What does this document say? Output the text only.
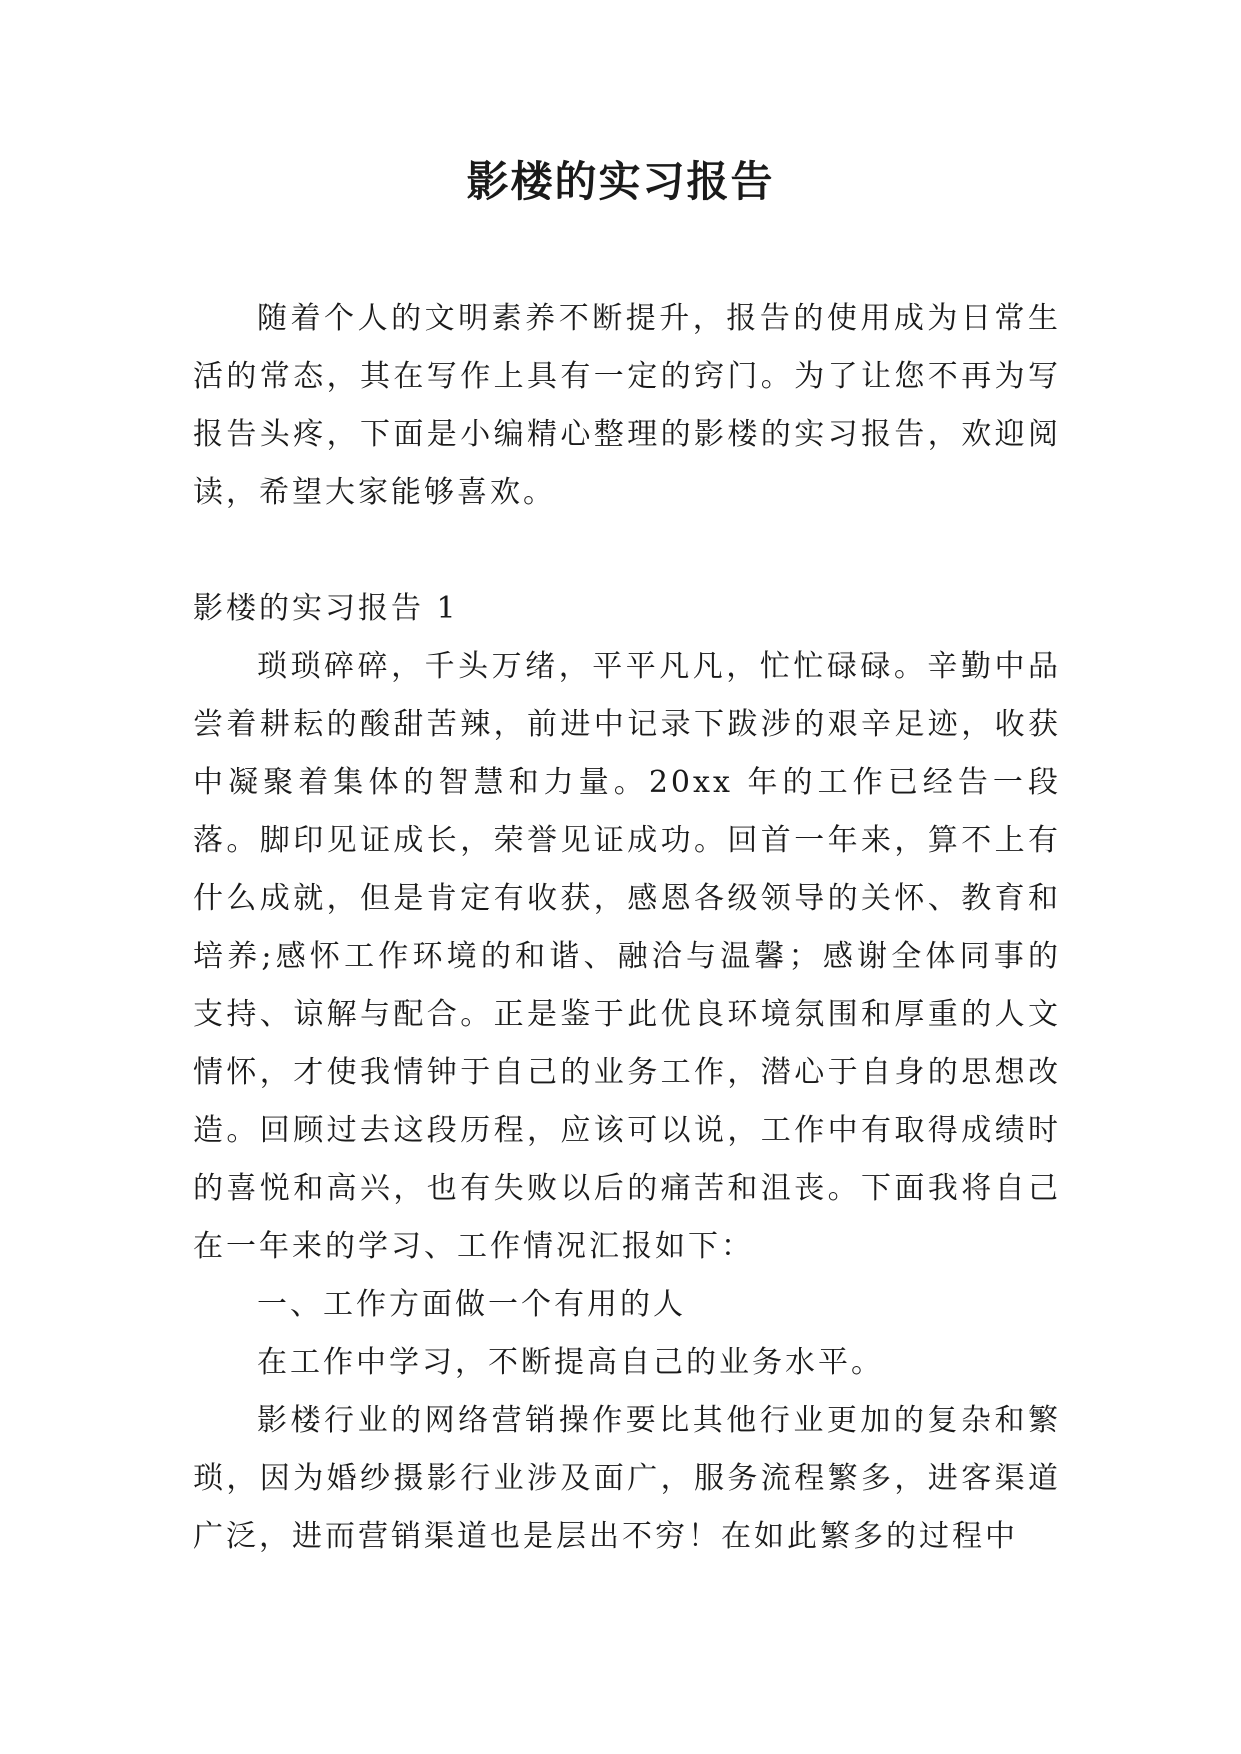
影楼的实习报告

随着个人的文明素养不断提升，报告的使用成为日常生活的常态，其在写作上具有一定的窍门。为了让您不再为写报告头疼，下面是小编精心整理的影楼的实习报告，欢迎阅读，希望大家能够喜欢。

影楼的实习报告 1

琐琐碎碎，千头万绪，平平凡凡，忙忙碌碌。辛勤中品尝着耕耘的酸甜苦辣，前进中记录下跋涉的艰辛足迹，收获中凝聚着集体的智慧和力量。20xx 年的工作已经告一段落。脚印见证成长，荣誉见证成功。回首一年来，算不上有什么成就，但是肯定有收获，感恩各级领导的关怀、教育和培养;感怀工作环境的和谐、融洽与温馨；感谢全体同事的支持、谅解与配合。正是鉴于此优良环境氛围和厚重的人文情怀，才使我情钟于自己的业务工作，潜心于自身的思想改造。回顾过去这段历程，应该可以说，工作中有取得成绩时的喜悦和高兴，也有失败以后的痛苦和沮丧。下面我将自己在一年来的学习、工作情况汇报如下：

一、工作方面做一个有用的人

在工作中学习，不断提高自己的业务水平。

影楼行业的网络营销操作要比其他行业更加的复杂和繁琐，因为婚纱摄影行业涉及面广，服务流程繁多，进客渠道广泛，进而营销渠道也是层出不穷！在如此繁多的过程中
